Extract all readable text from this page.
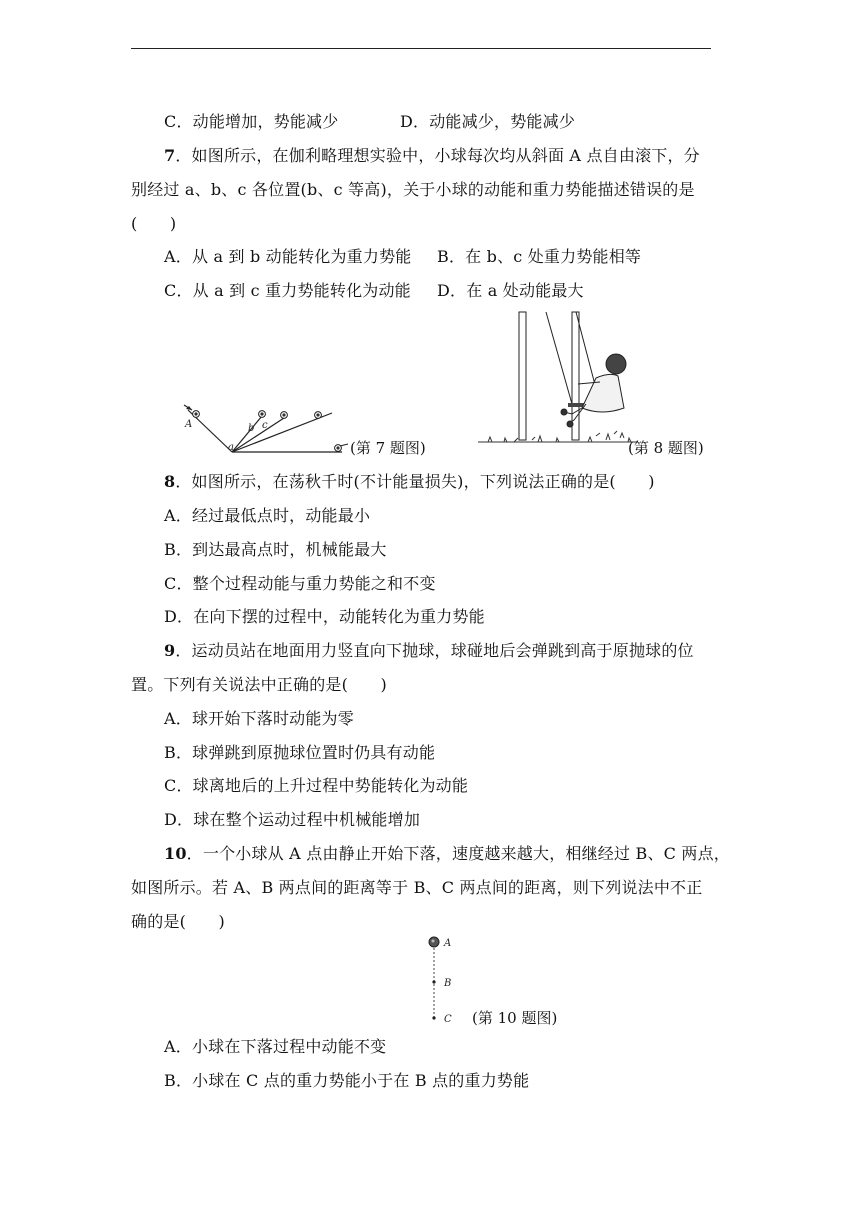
C．动能增加，势能减少	D．动能减少，势能减少
7．如图所示，在伽利略理想实验中，小球每次均从斜面 A 点自由滚下，分
别经过 a、b、c 各位置(b、c 等高)，关于小球的动能和重力势能描述错误的是
(　　)
A．从 a 到 b 动能转化为重力势能 B．在 b、c 处重力势能相等
C．从 a 到 c 重力势能转化为动能 D．在 a 处动能最大
A
a
b c
(第 7 题图)	(第 8 题图)
8．如图所示，在荡秋千时(不计能量损失)，下列说法正确的是(　　)
A．经过最低点时，动能最小
B．到达最高点时，机械能最大
C．整个过程动能与重力势能之和不变
D．在向下摆的过程中，动能转化为重力势能
9．运动员站在地面用力竖直向下抛球，球碰地后会弹跳到高于原抛球的位
置。下列有关说法中正确的是(　　)
A．球开始下落时动能为零
B．球弹跳到原抛球位置时仍具有动能
C．球离地后的上升过程中势能转化为动能
D．球在整个运动过程中机械能增加
10．一个小球从 A 点由静止开始下落，速度越来越大，相继经过 B、C 两点，
如图所示。若 A、B 两点间的距离等于 B、C 两点间的距离，则下列说法中不正
确的是(　　)
A
B
C (第 10 题图)
A．小球在下落过程中动能不变
B．小球在 C 点的重力势能小于在 B 点的重力势能
